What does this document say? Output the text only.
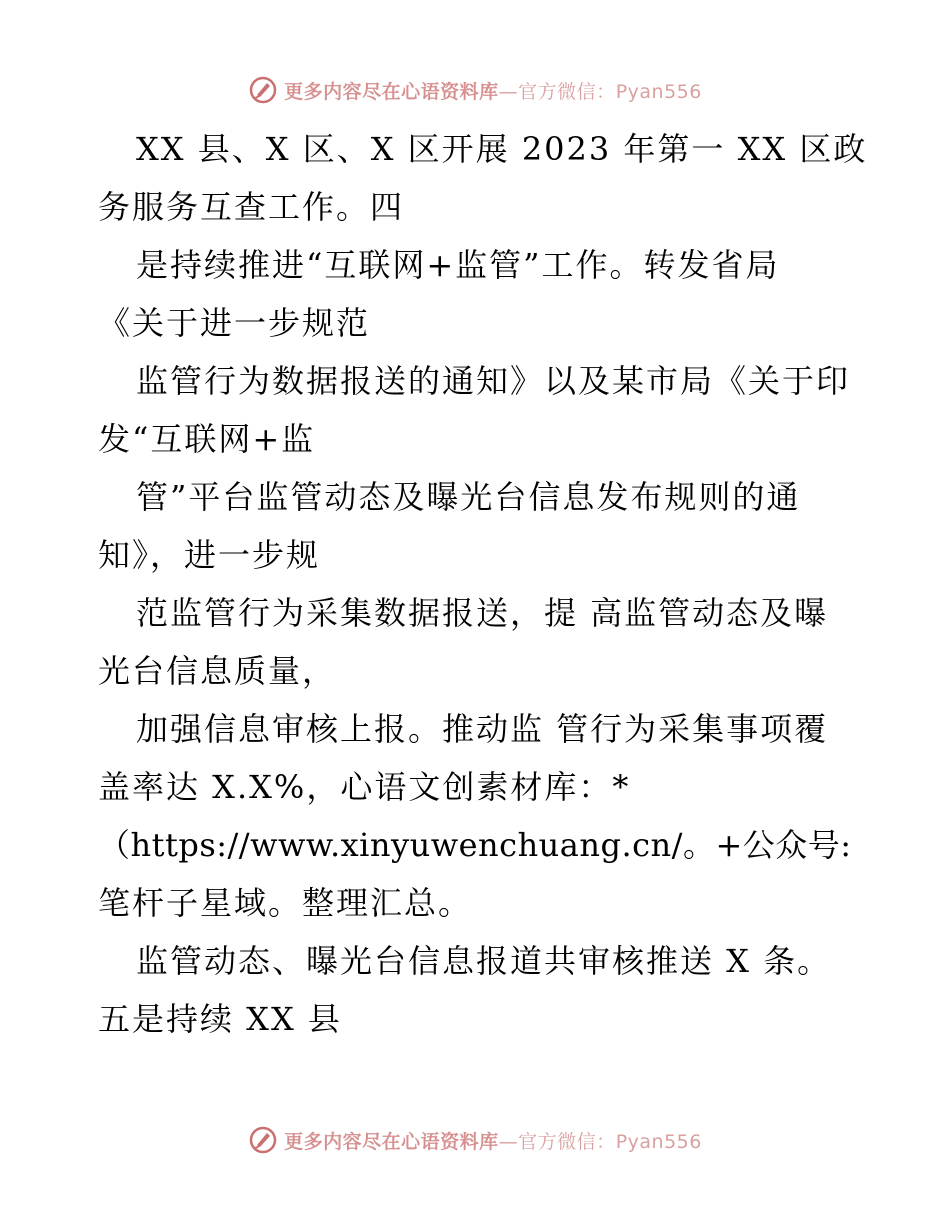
更多内容尽在心语资料库—官方微信：Pyan556
XX 县、X 区、X 区开展 2023 年第一 XX 区政
务服务互查工作。四
是持续推进“互联网+监管”工作。转发省局
《关于进一步规范
监管行为数据报送的通知》以及某市局《关于印
发“互联网+监
管”平台监管动态及曝光台信息发布规则的通
知》，进一步规
范监管行为采集数据报送，提 高监管动态及曝
光台信息质量，
加强信息审核上报。推动监 管行为采集事项覆
盖率达 X.X%，心语文创素材库：*
（https://www.xinyuwenchuang.cn/。+公众号:
笔杆子星域。整理汇总。
监管动态、曝光台信息报道共审核推送 X 条。
五是持续 XX 县
更多内容尽在心语资料库—官方微信：Pyan556
